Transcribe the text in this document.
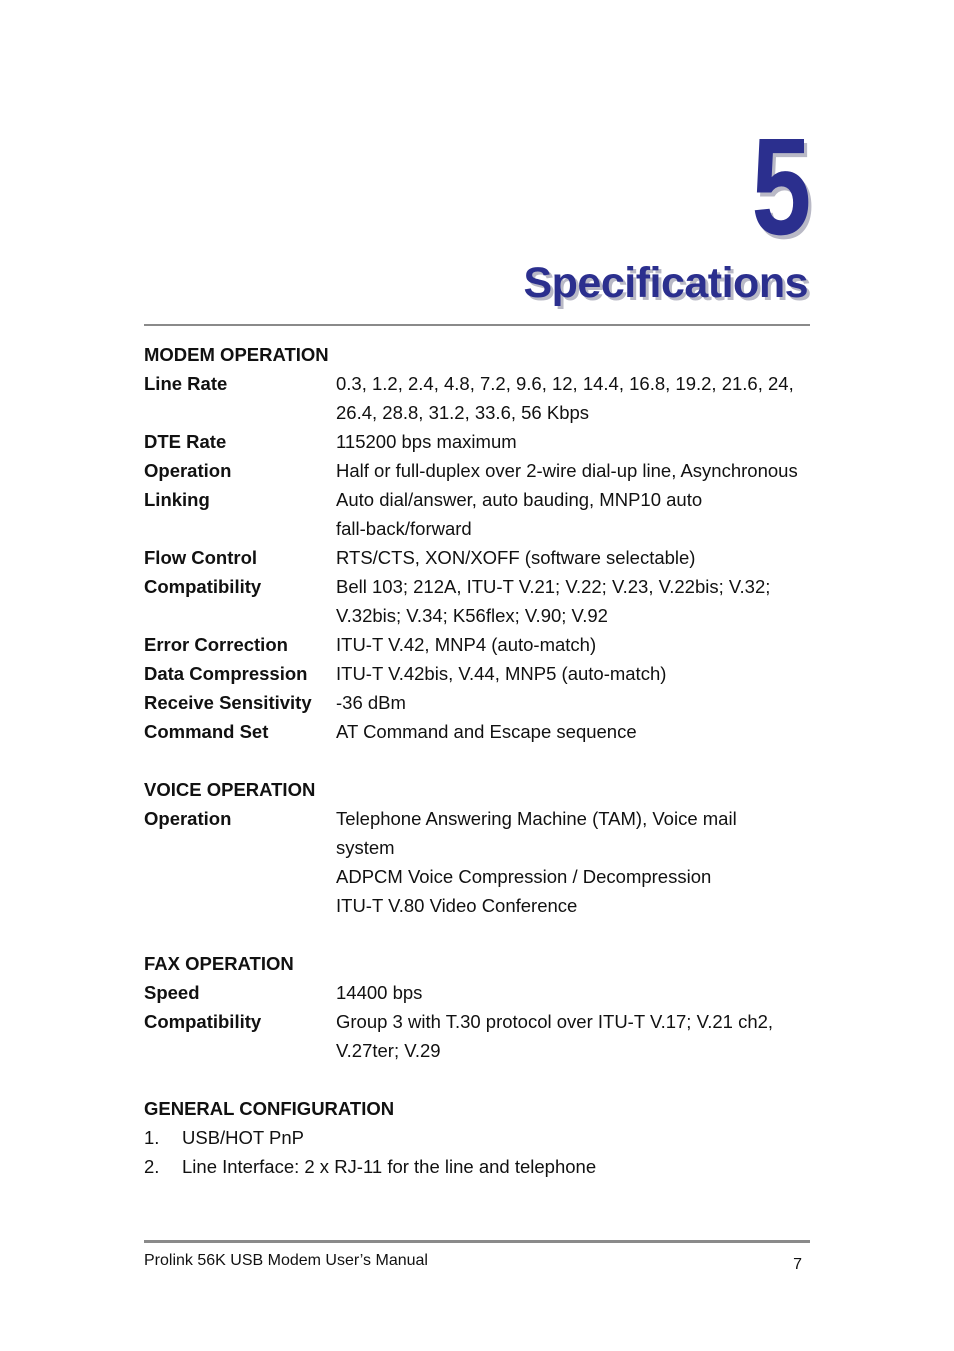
5
Specifications
MODEM OPERATION
Line Rate	0.3, 1.2, 2.4, 4.8, 7.2, 9.6, 12, 14.4, 16.8, 19.2, 21.6, 24,
26.4, 28.8, 31.2, 33.6, 56 Kbps
DTE Rate	115200 bps maximum
Operation	Half or full-duplex over 2-wire dial-up line, Asynchronous
Linking	Auto dial/answer, auto bauding, MNP10 auto
fall-back/forward
Flow Control	RTS/CTS, XON/XOFF (software selectable)
Compatibility	Bell 103; 212A, ITU-T V.21; V.22; V.23, V.22bis; V.32;
V.32bis; V.34; K56flex; V.90; V.92
Error Correction	ITU-T V.42, MNP4 (auto-match)
Data Compression	ITU-T V.42bis, V.44, MNP5 (auto-match)
Receive Sensitivity	-36 dBm
Command Set	AT Command and Escape sequence
VOICE OPERATION
Operation	Telephone Answering Machine (TAM), Voice mail
system
ADPCM Voice Compression / Decompression
ITU-T V.80 Video Conference
FAX OPERATION
Speed	14400 bps
Compatibility	Group 3 with T.30 protocol over ITU-T V.17; V.21 ch2,
V.27ter; V.29
GENERAL CONFIGURATION
1.	USB/HOT PnP
2.	Line Interface: 2 x RJ-11 for the line and telephone
Prolink 56K USB Modem User’s Manual	7
